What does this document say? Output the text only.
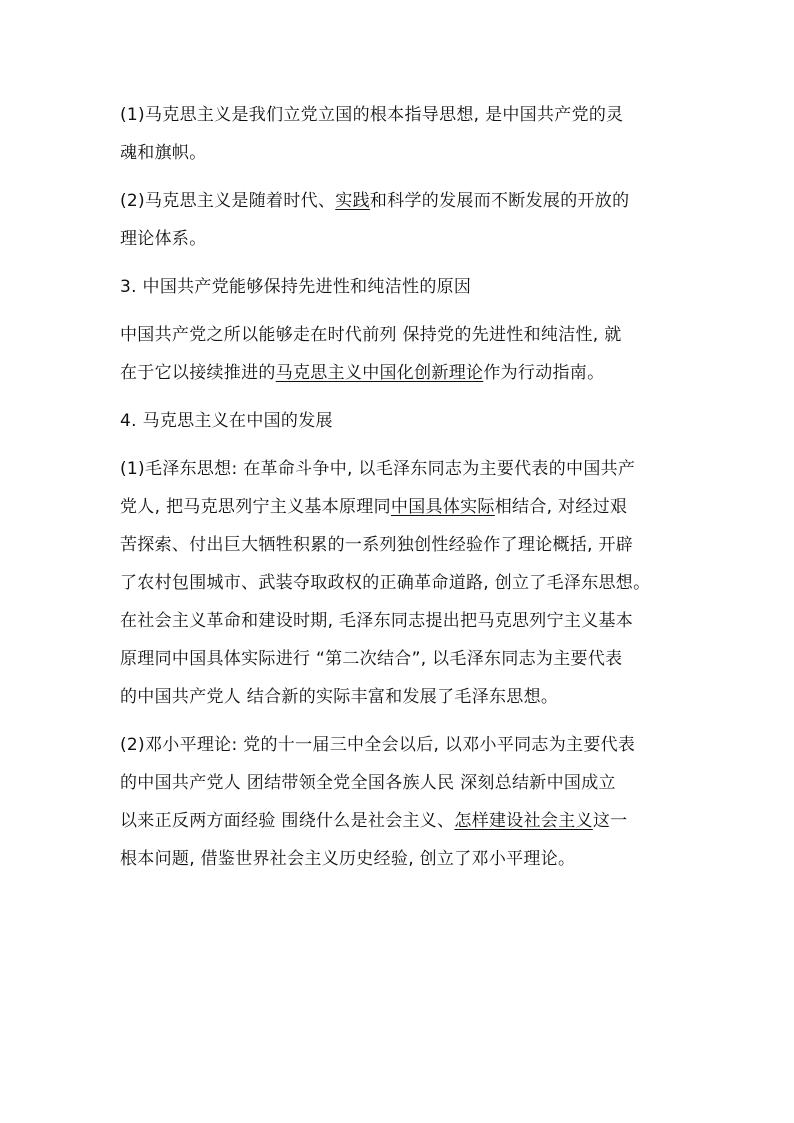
(1)马克思主义是我们立党立国的根本指导思想, 是中国共产党的灵
魂和旗帜。
(2)马克思主义是随着时代、实践和科学的发展而不断发展的开放的
理论体系。
3. 中国共产党能够保持先进性和纯洁性的原因
中国共产党之所以能够走在时代前列 保持党的先进性和纯洁性, 就
在于它以接续推进的马克思主义中国化创新理论作为行动指南。
4. 马克思主义在中国的发展
(1)毛泽东思想: 在革命斗争中, 以毛泽东同志为主要代表的中国共产
党人, 把马克思列宁主义基本原理同中国具体实际相结合, 对经过艰
苦探索、付出巨大牺牲积累的一系列独创性经验作了理论概括, 开辟
了农村包围城市、武装夺取政权的正确革命道路, 创立了毛泽东思想。
在社会主义革命和建设时期, 毛泽东同志提出把马克思列宁主义基本
原理同中国具体实际进行 “第二次结合”, 以毛泽东同志为主要代表
的中国共产党人 结合新的实际丰富和发展了毛泽东思想。
(2)邓小平理论: 党的十一届三中全会以后, 以邓小平同志为主要代表
的中国共产党人 团结带领全党全国各族人民 深刻总结新中国成立
以来正反两方面经验 围绕什么是社会主义、怎样建设社会主义这一
根本问题, 借鉴世界社会主义历史经验, 创立了邓小平理论。
